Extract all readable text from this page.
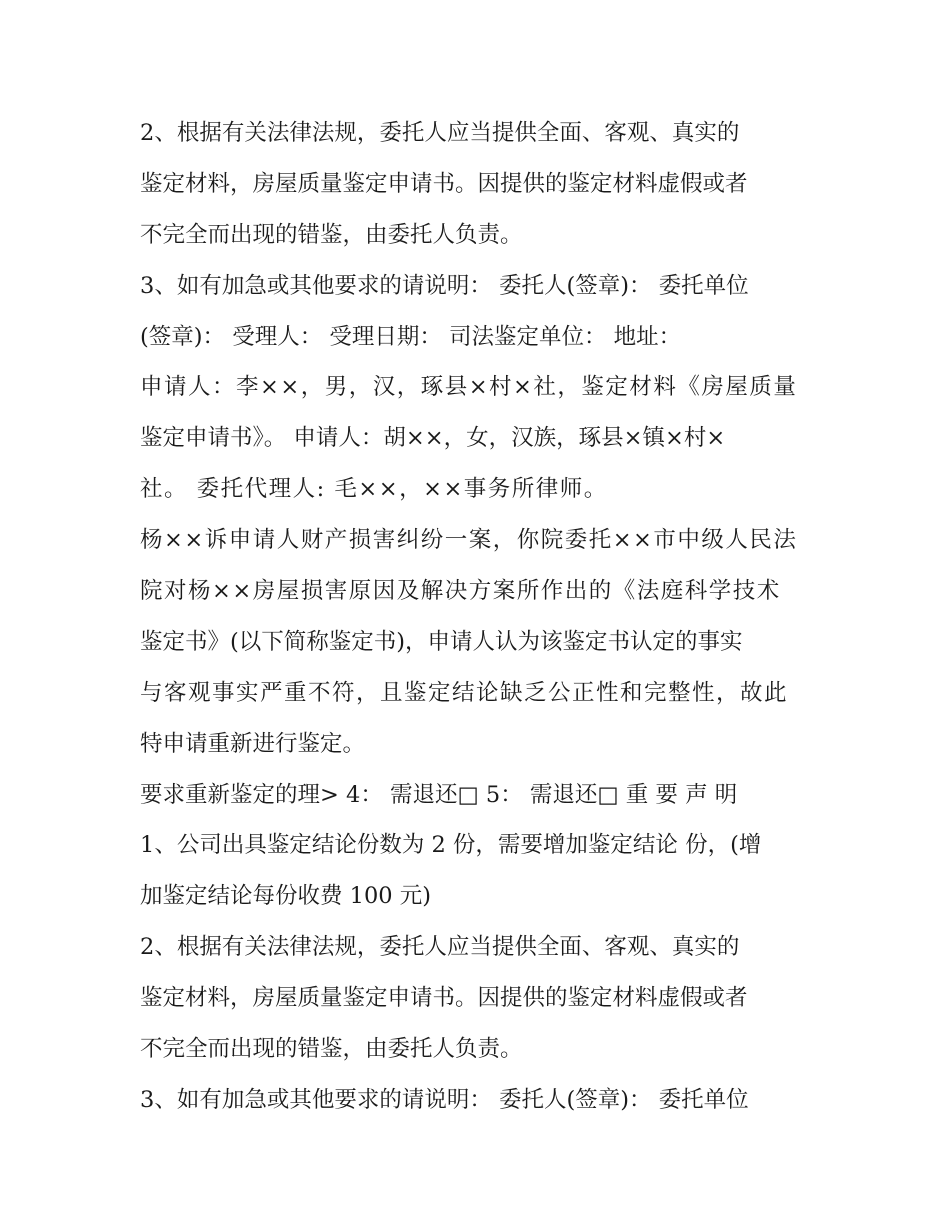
2、根据有关法律法规，委托人应当提供全面、客观、真实的
鉴定材料，房屋质量鉴定申请书。因提供的鉴定材料虚假或者
不完全而出现的错鉴，由委托人负责。
3、如有加急或其他要求的请说明： 委托人(签章)： 委托单位
(签章)： 受理人： 受理日期： 司法鉴定单位： 地址：
申请人：李××，男，汉，琢县×村×社，鉴定材料《房屋质量
鉴定申请书》。 申请人：胡××，女，汉族，琢县×镇×村×
社。 委托代理人: 毛××，××事务所律师。
杨××诉申请人财产损害纠纷一案，你院委托××市中级人民法
院对杨××房屋损害原因及解决方案所作出的《法庭科学技术
鉴定书》(以下简称鉴定书)，申请人认为该鉴定书认定的事实
与客观事实严重不符，且鉴定结论缺乏公正性和完整性，故此
特申请重新进行鉴定。
要求重新鉴定的理> 4： 需退还□ 5： 需退还□ 重 要 声 明
1、公司出具鉴定结论份数为 2 份，需要增加鉴定结论 份，(增
加鉴定结论每份收费 100 元)
2、根据有关法律法规，委托人应当提供全面、客观、真实的
鉴定材料，房屋质量鉴定申请书。因提供的鉴定材料虚假或者
不完全而出现的错鉴，由委托人负责。
3、如有加急或其他要求的请说明： 委托人(签章)： 委托单位
